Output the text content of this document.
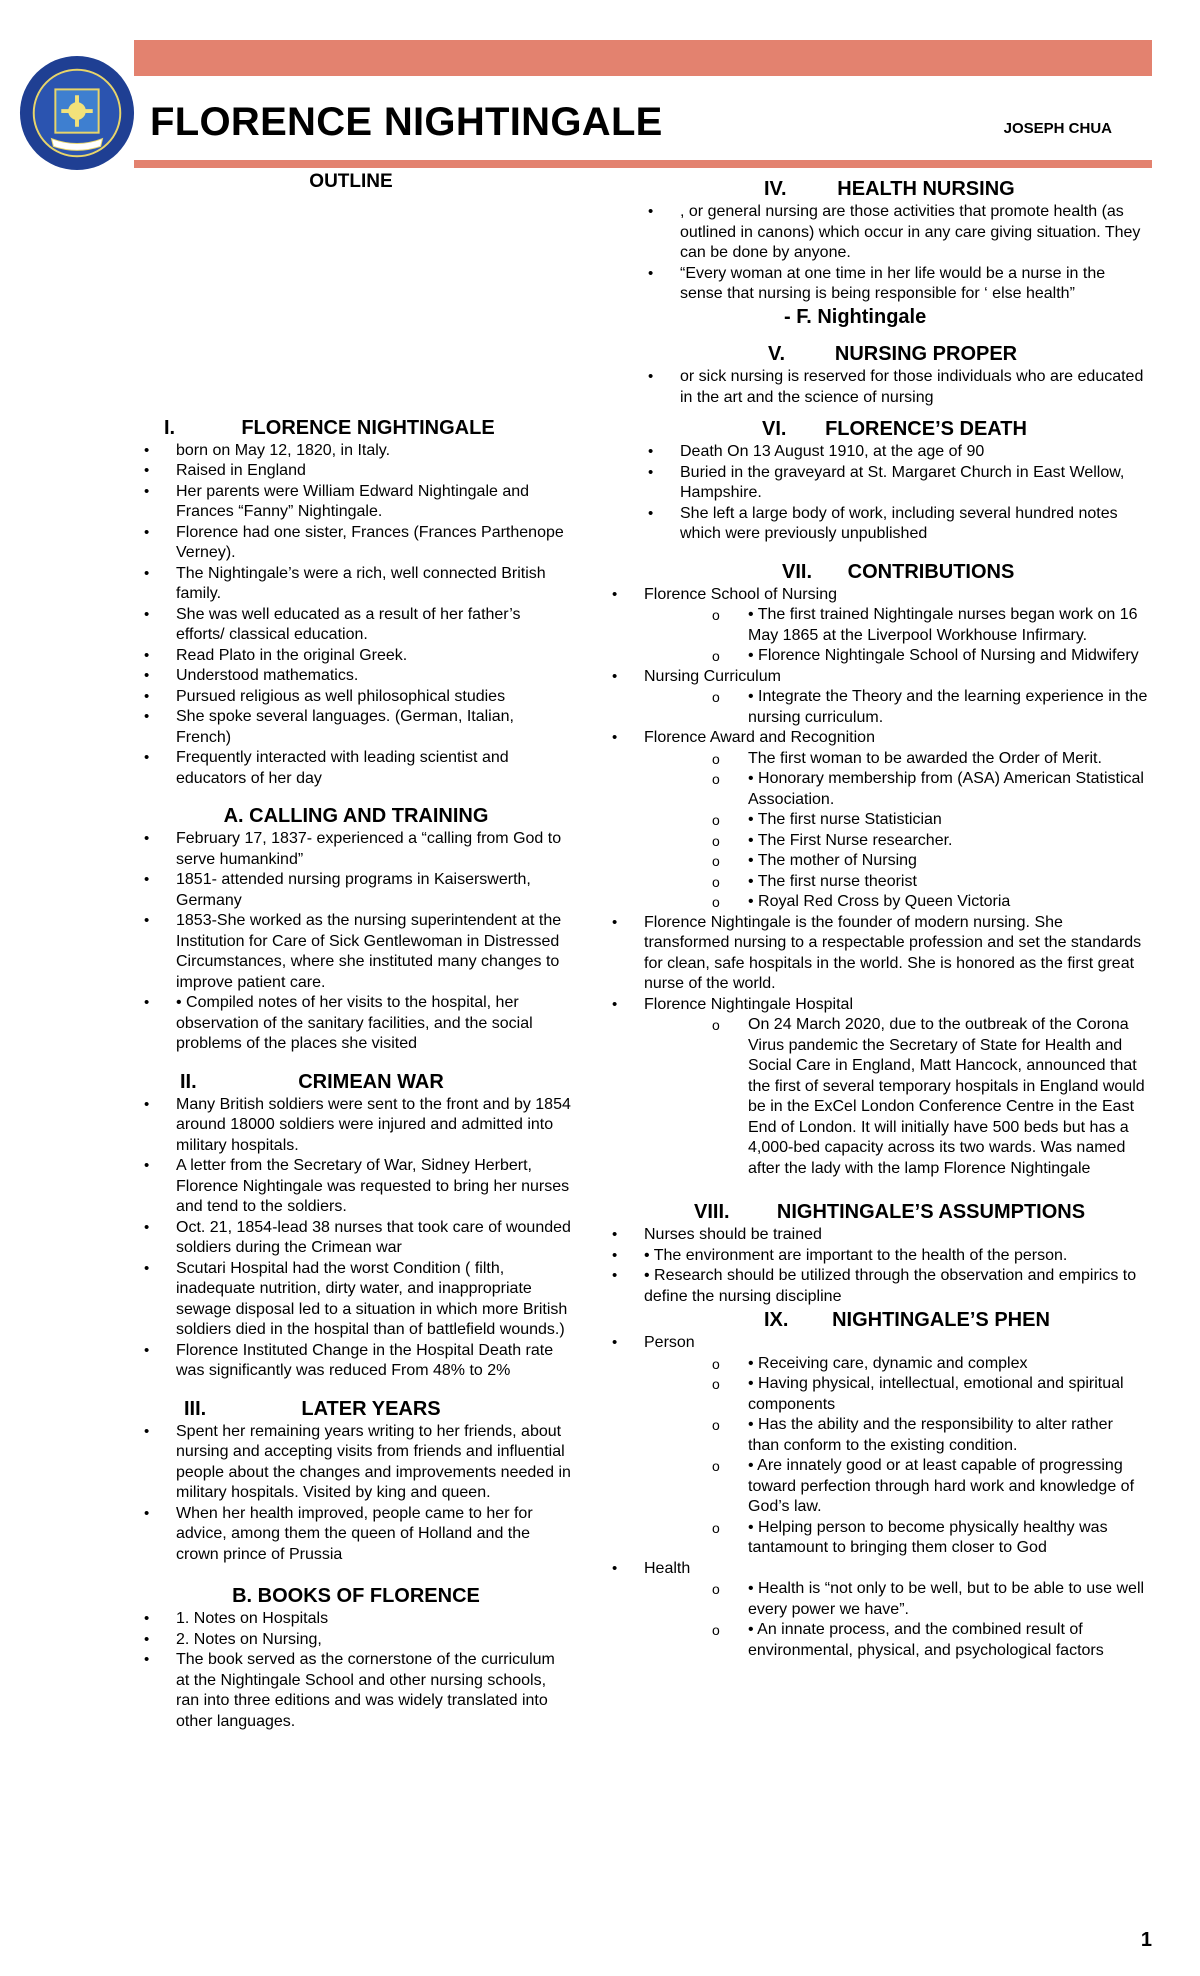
FLORENCE NIGHTINGALE	JOSEPH CHUA
OUTLINE
I.	FLORENCE NIGHTINGALE
• born on May 12, 1820, in Italy.
• Raised in England
• Her parents were William Edward Nightingale and Frances “Fanny” Nightingale.
• Florence had one sister, Frances (Frances Parthenope Verney).
• The Nightingale’s were a rich, well connected British family.
• She was well educated as a result of her father’s efforts/ classical education.
• Read Plato in the original Greek.
• Understood mathematics.
• Pursued religious as well philosophical studies
• She spoke several languages. (German, Italian, French)
• Frequently interacted with leading scientist and educators of her day
A. CALLING AND TRAINING
• February 17, 1837- experienced a “calling from God to serve humankind”
• 1851- attended nursing programs in Kaiserswerth, Germany
• 1853-She worked as the nursing superintendent at the Institution for Care of Sick Gentlewoman in Distressed Circumstances, where she instituted many changes to improve patient care.
• • Compiled notes of her visits to the hospital, her observation of the sanitary facilities, and the social problems of the places she visited
II.	CRIMEAN WAR
• Many British soldiers were sent to the front and by 1854 around 18000 soldiers were injured and admitted into military hospitals.
• A letter from the Secretary of War, Sidney Herbert, Florence Nightingale was requested to bring her nurses and tend to the soldiers.
• Oct. 21, 1854-lead 38 nurses that took care of wounded soldiers during the Crimean war
• Scutari Hospital had the worst Condition ( filth, inadequate nutrition, dirty water, and inappropriate sewage disposal led to a situation in which more British soldiers died in the hospital than of battlefield wounds.)
• Florence Instituted Change in the Hospital Death rate was significantly was reduced From 48% to 2%
III.	LATER YEARS
• Spent her remaining years writing to her friends, about nursing and accepting visits from friends and influential people about the changes and improvements needed in military hospitals. Visited by king and queen.
• When her health improved, people came to her for advice, among them the queen of Holland and the crown prince of Prussia
B. BOOKS OF FLORENCE
• 1. Notes on Hospitals
• 2. Notes on Nursing,
• The book served as the cornerstone of the curriculum at the Nightingale School and other nursing schools, ran into three editions and was widely translated into other languages.
IV.	HEALTH NURSING
• , or general nursing are those activities that promote health (as outlined in canons) which occur in any care giving situation. They can be done by anyone.
• “Every woman at one time in her life would be a nurse in the sense that nursing is being responsible for ‘ else health”
- F. Nightingale
V. NURSING PROPER
• or sick nursing is reserved for those individuals who are educated in the art and the science of nursing
VI. FLORENCE’S DEATH
• Death On 13 August 1910, at the age of 90
• Buried in the graveyard at St. Margaret Church in East Wellow, Hampshire.
• She left a large body of work, including several hundred notes which were previously unpublished
VII. CONTRIBUTIONS
• Florence School of Nursing
o • The first trained Nightingale nurses began work on 16 May 1865 at the Liverpool Workhouse Infirmary.
o • Florence Nightingale School of Nursing and Midwifery
• Nursing Curriculum
o • Integrate the Theory and the learning experience in the nursing curriculum.
• Florence Award and Recognition
o The first woman to be awarded the Order of Merit.
o • Honorary membership from (ASA) American Statistical Association.
o • The first nurse Statistician
o • The First Nurse researcher.
o • The mother of Nursing
o • The first nurse theorist
o • Royal Red Cross by Queen Victoria
• Florence Nightingale is the founder of modern nursing. She transformed nursing to a respectable profession and set the standards for clean, safe hospitals in the world. She is honored as the first great nurse of the world.
• Florence Nightingale Hospital
o On 24 March 2020, due to the outbreak of the Corona Virus pandemic the Secretary of State for Health and Social Care in England, Matt Hancock, announced that the first of several temporary hospitals in England would be in the ExCel London Conference Centre in the East End of London. It will initially have 500 beds but has a 4,000-bed capacity across its two wards. Was named after the lady with the lamp Florence Nightingale
VIII. NIGHTINGALE’S ASSUMPTIONS
• Nurses should be trained
• • The environment are important to the health of the person.
• • Research should be utilized through the observation and empirics to define the nursing discipline
IX. NIGHTINGALE’S PHEN
• Person
o • Receiving care, dynamic and complex
o • Having physical, intellectual, emotional and spiritual components
o • Has the ability and the responsibility to alter rather than conform to the existing condition.
o • Are innately good or at least capable of progressing toward perfection through hard work and knowledge of God’s law.
o • Helping person to become physically healthy was tantamount to bringing them closer to God
• Health
o • Health is “not only to be well, but to be able to use well every power we have”.
o • An innate process, and the combined result of environmental, physical, and psychological factors
1
